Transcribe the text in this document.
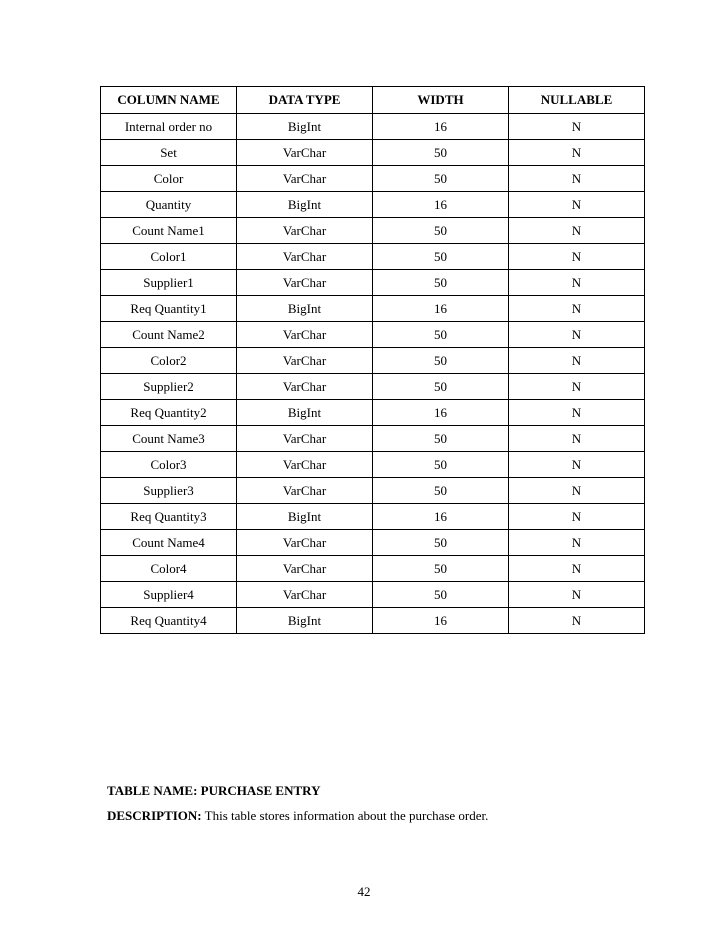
COLUMN NAME	DATA TYPE	WIDTH	NULLABLE
Internal order no	BigInt	16	N
Set	VarChar	50	N
Color	VarChar	50	N
Quantity	BigInt	16	N
Count Name1	VarChar	50	N
Color1	VarChar	50	N
Supplier1	VarChar	50	N
Req Quantity1	BigInt	16	N
Count Name2	VarChar	50	N
Color2	VarChar	50	N
Supplier2	VarChar	50	N
Req Quantity2	BigInt	16	N
Count Name3	VarChar	50	N
Color3	VarChar	50	N
Supplier3	VarChar	50	N
Req Quantity3	BigInt	16	N
Count Name4	VarChar	50	N
Color4	VarChar	50	N
Supplier4	VarChar	50	N
Req Quantity4	BigInt	16	N
TABLE NAME: PURCHASE ENTRY
DESCRIPTION: This table stores information about the purchase order.
42
